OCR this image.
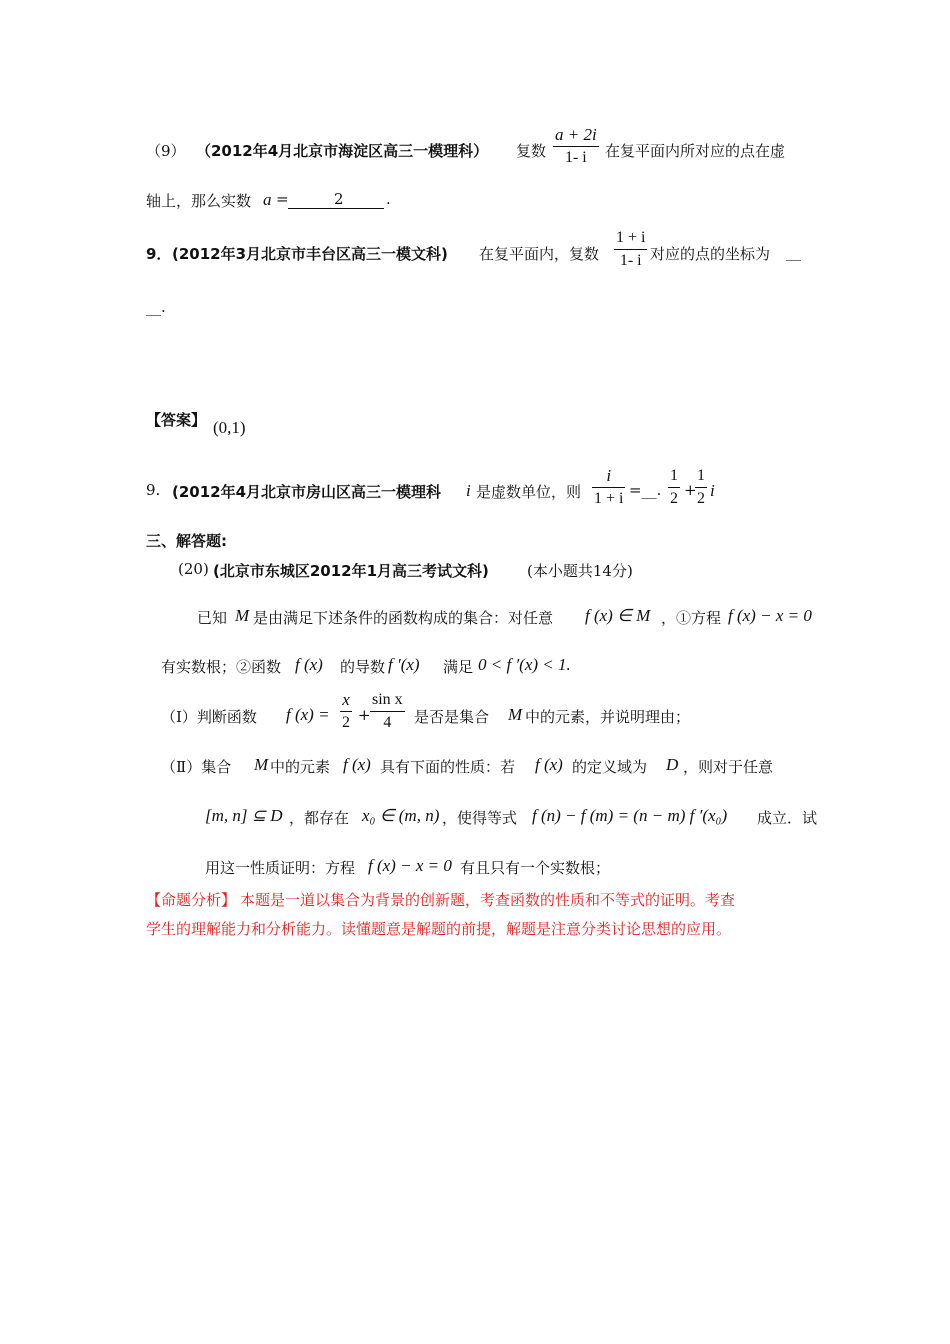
（9） （2012年4月北京市海淀区高三一模理科） 复数
a + 2i
1- i 在复平面内所对应的点在虚
轴上，那么实数 a =	2	.
9． (2012年3月北京市丰台区高三一模文科) 在复平面内，复数
1 + i
1- i 对应的点的坐标为 __
__.
【答案】 (0,1)
9. (2012年4月北京市房山区高三一模理科 i 是虚数单位，则
i
1 + i =__.
1
2 +
1
2 i
三、解答题:
(20) (北京市东城区2012年1月高三考试文科)	(本小题共14分)
已知 M 是由满足下述条件的函数构成的集合：对任意 f (x) ∈ M ，①方程 f (x) − x = 0
有实数根；②函数 f (x) 的导数 f ′(x) 满足 0 < f ′(x) < 1.
（Ⅰ）判断函数 f (x) =
x
2 +
sin x
4 是否是集合 M 中的元素，并说明理由；
（Ⅱ）集合 M 中的元素 f (x) 具有下面的性质：若 f (x) 的定义域为 D ，则对于任意
[m, n] ⊆ D ，都存在 x₀ ∈ (m, n) ，使得等式 f (n) − f (m) = (n − m) f ′(x₀) 成立．试
用这一性质证明：方程 f (x) − x = 0 有且只有一个实数根；
【命题分析】 本题是一道以集合为背景的创新题，考查函数的性质和不等式的证明。考查
学生的理解能力和分析能力。读懂题意是解题的前提，解题是注意分类讨论思想的应用。
